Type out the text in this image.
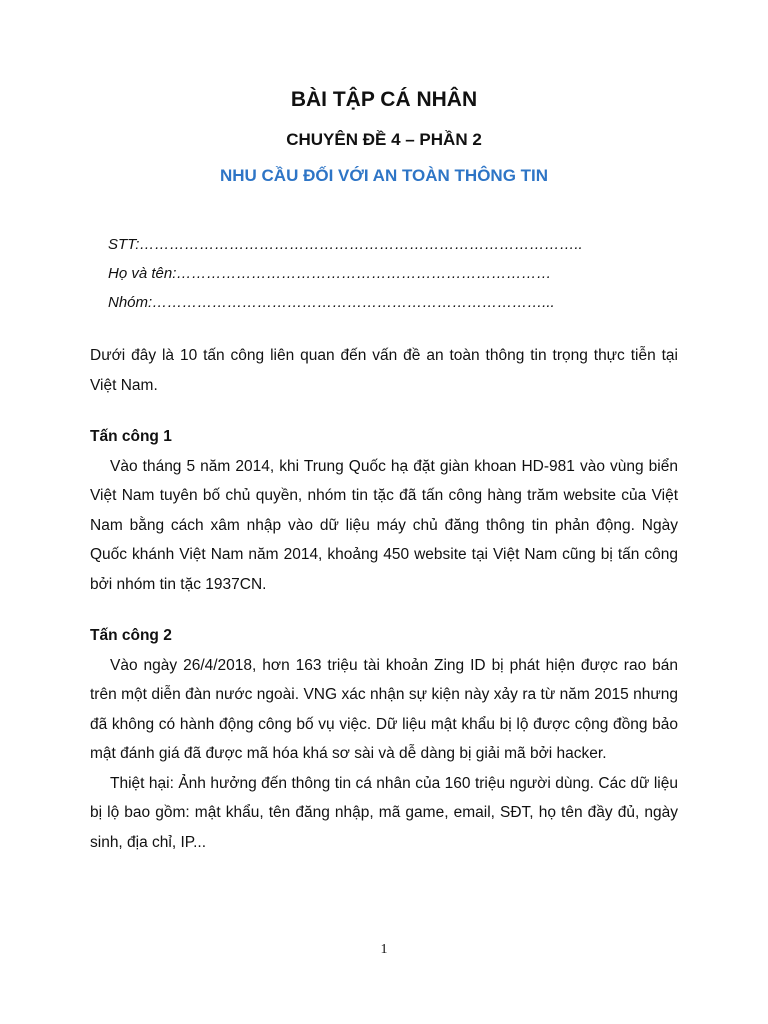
BÀI TẬP CÁ NHÂN
CHUYÊN ĐỀ 4 – PHẦN 2
NHU CẦU ĐỐI VỚI AN TOÀN THÔNG TIN
STT:……………………………………………………………………………..
Họ và tên:…………………………………………………………………
Nhóm:……………………………………………………………………...

Dưới đây là 10 tấn công liên quan đến vấn đề an toàn thông tin trọng thực tiễn tại Việt Nam.

Tấn công 1

Vào tháng 5 năm 2014, khi Trung Quốc hạ đặt giàn khoan HD-981 vào vùng biển Việt Nam tuyên bố chủ quyền, nhóm tin tặc đã tấn công hàng trăm website của Việt Nam bằng cách xâm nhập vào dữ liệu máy chủ đăng thông tin phản động. Ngày Quốc khánh Việt Nam năm 2014, khoảng 450 website tại Việt Nam cũng bị tấn công bởi nhóm tin tặc 1937CN.

Tấn công 2

Vào ngày 26/4/2018, hơn 163 triệu tài khoản Zing ID bị phát hiện được rao bán trên một diễn đàn nước ngoài. VNG xác nhận sự kiện này xảy ra từ năm 2015 nhưng đã không có hành động công bố vụ việc. Dữ liệu mật khẩu bị lộ được cộng đồng bảo mật đánh giá đã được mã hóa khá sơ sài và dễ dàng bị giải mã bởi hacker.

Thiệt hại: Ảnh hưởng đến thông tin cá nhân của 160 triệu người dùng. Các dữ liệu bị lộ bao gồm: mật khẩu, tên đăng nhập, mã game, email, SĐT, họ tên đầy đủ, ngày sinh, địa chỉ, IP...

1
